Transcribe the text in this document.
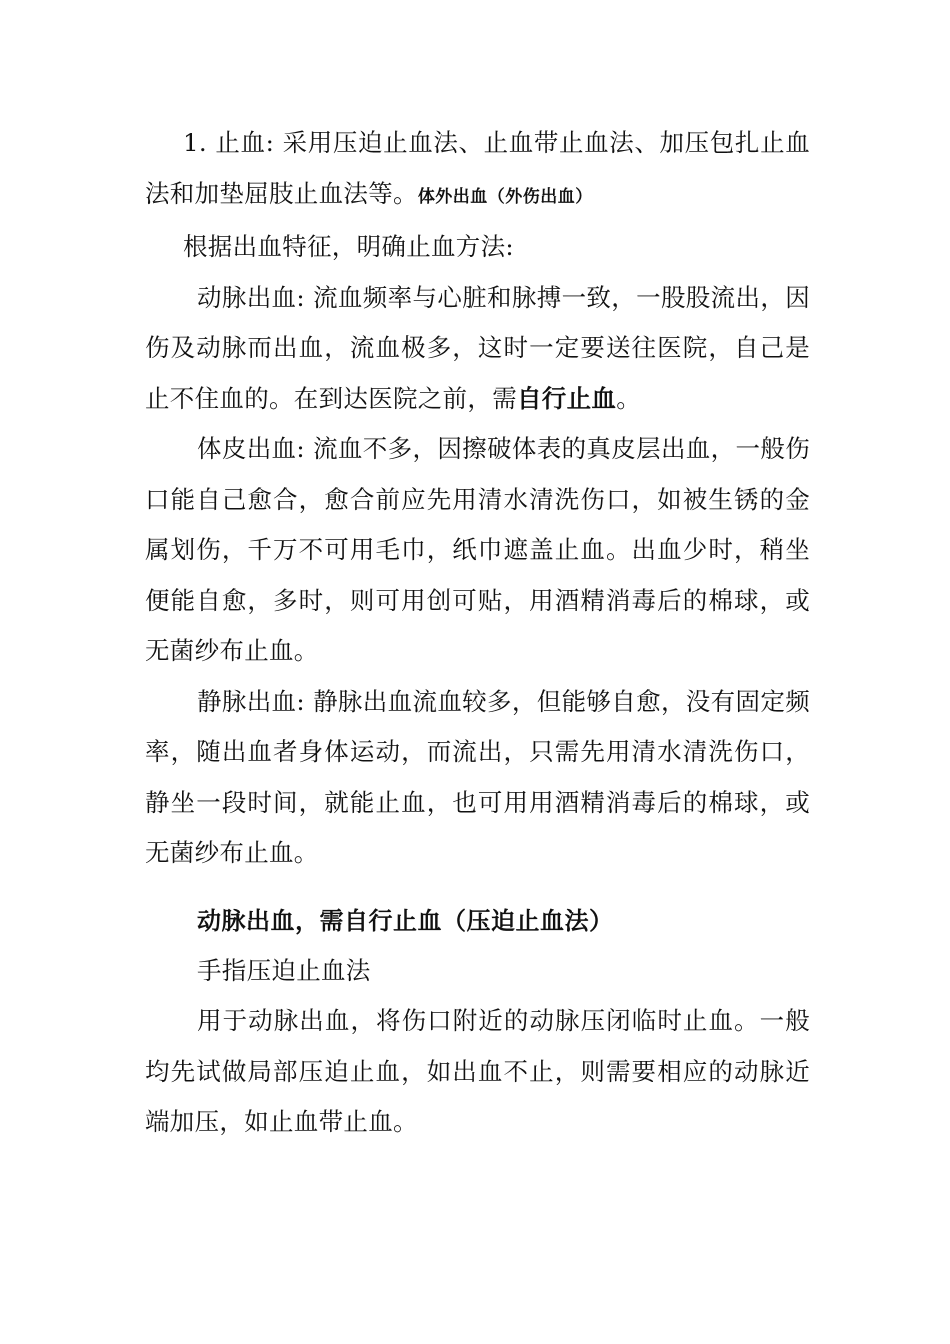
1. 止血: 采用压迫止血法、止血带止血法、加压包扎止血法和加垫屈肢止血法等。体外出血（外伤出血）

根据出血特征，明确止血方法:

动脉出血: 流血频率与心脏和脉搏一致，一股股流出，因伤及动脉而出血，流血极多，这时一定要送往医院，自己是止不住血的。在到达医院之前，需自行止血。

体皮出血: 流血不多，因擦破体表的真皮层出血，一般伤口能自己愈合，愈合前应先用清水清洗伤口，如被生锈的金属划伤，千万不可用毛巾，纸巾遮盖止血。出血少时，稍坐便能自愈，多时，则可用创可贴，用酒精消毒后的棉球，或无菌纱布止血。

静脉出血: 静脉出血流血较多，但能够自愈，没有固定频率，随出血者身体运动，而流出，只需先用清水清洗伤口，静坐一段时间，就能止血，也可用用酒精消毒后的棉球，或无菌纱布止血。

动脉出血，需自行止血（压迫止血法）

手指压迫止血法

用于动脉出血，将伤口附近的动脉压闭临时止血。一般均先试做局部压迫止血，如出血不止，则需要相应的动脉近端加压，如止血带止血。
